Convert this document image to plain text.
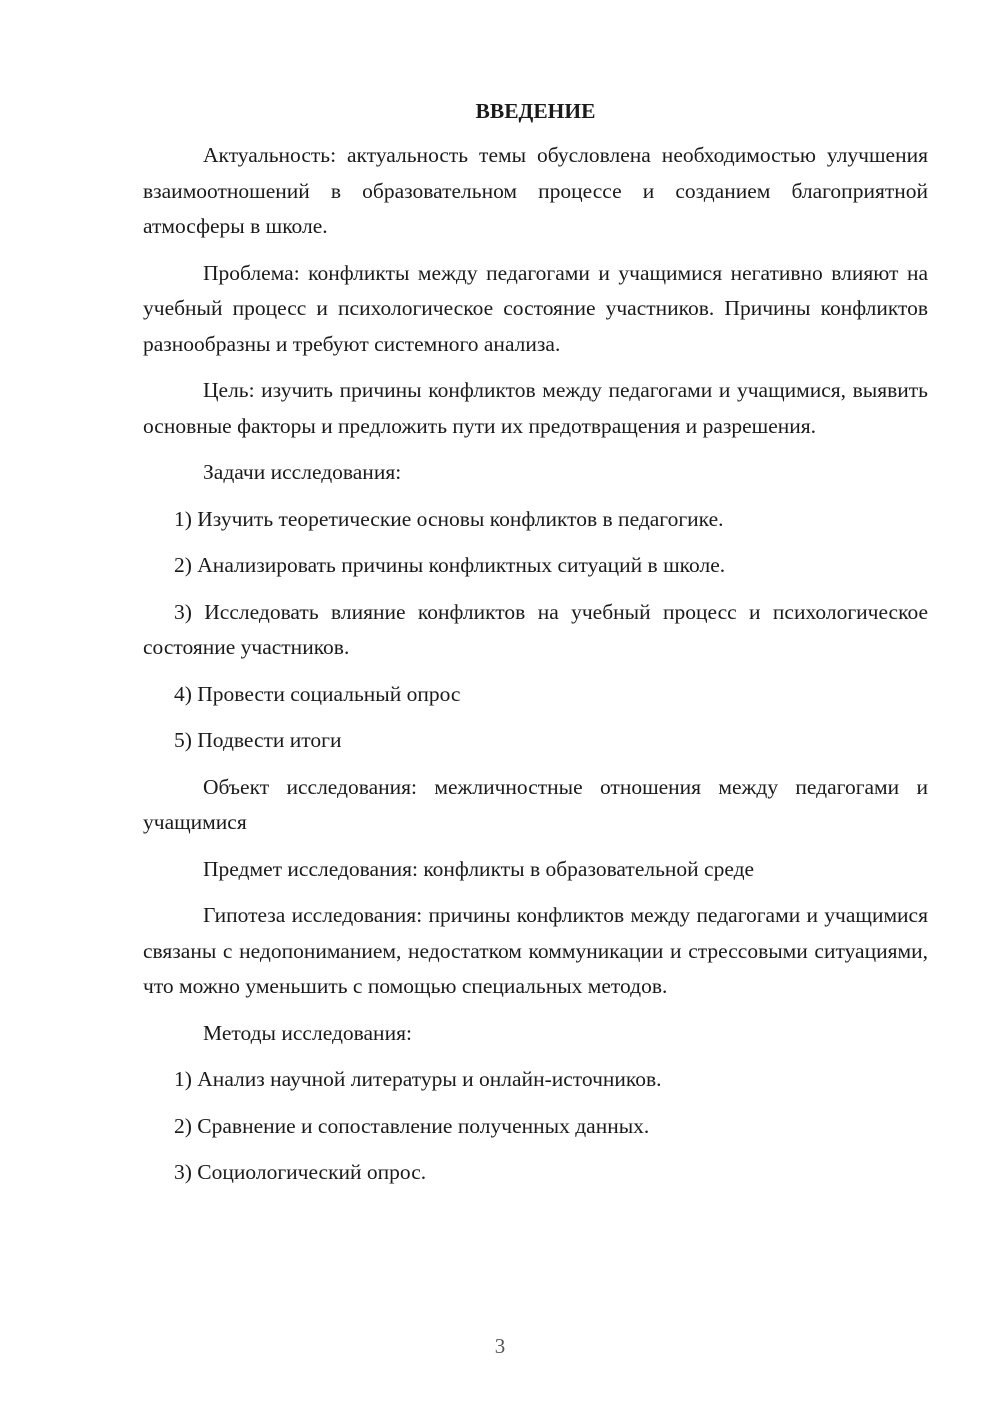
ВВЕДЕНИЕ

Актуальность: актуальность темы обусловлена необходимостью улучшения взаимоотношений в образовательном процессе и созданием благоприятной атмосферы в школе.

Проблема: конфликты между педагогами и учащимися негативно влияют на учебный процесс и психологическое состояние участников. Причины конфликтов разнообразны и требуют системного анализа.

Цель: изучить причины конфликтов между педагогами и учащимися, выявить основные факторы и предложить пути их предотвращения и разрешения.

Задачи исследования:

1) Изучить теоретические основы конфликтов в педагогике.

2) Анализировать причины конфликтных ситуаций в школе.

3) Исследовать влияние конфликтов на учебный процесс и психологическое состояние участников.

4) Провести социальный опрос

5) Подвести итоги

Объект исследования: межличностные отношения между педагогами и учащимися

Предмет исследования: конфликты в образовательной среде

Гипотеза исследования: причины конфликтов между педагогами и учащимися связаны с недопониманием, недостатком коммуникации и стрессовыми ситуациями, что можно уменьшить с помощью специальных методов.

Методы исследования:

1) Анализ научной литературы и онлайн-источников.

2) Сравнение и сопоставление полученных данных.

3) Социологический опрос.

3
